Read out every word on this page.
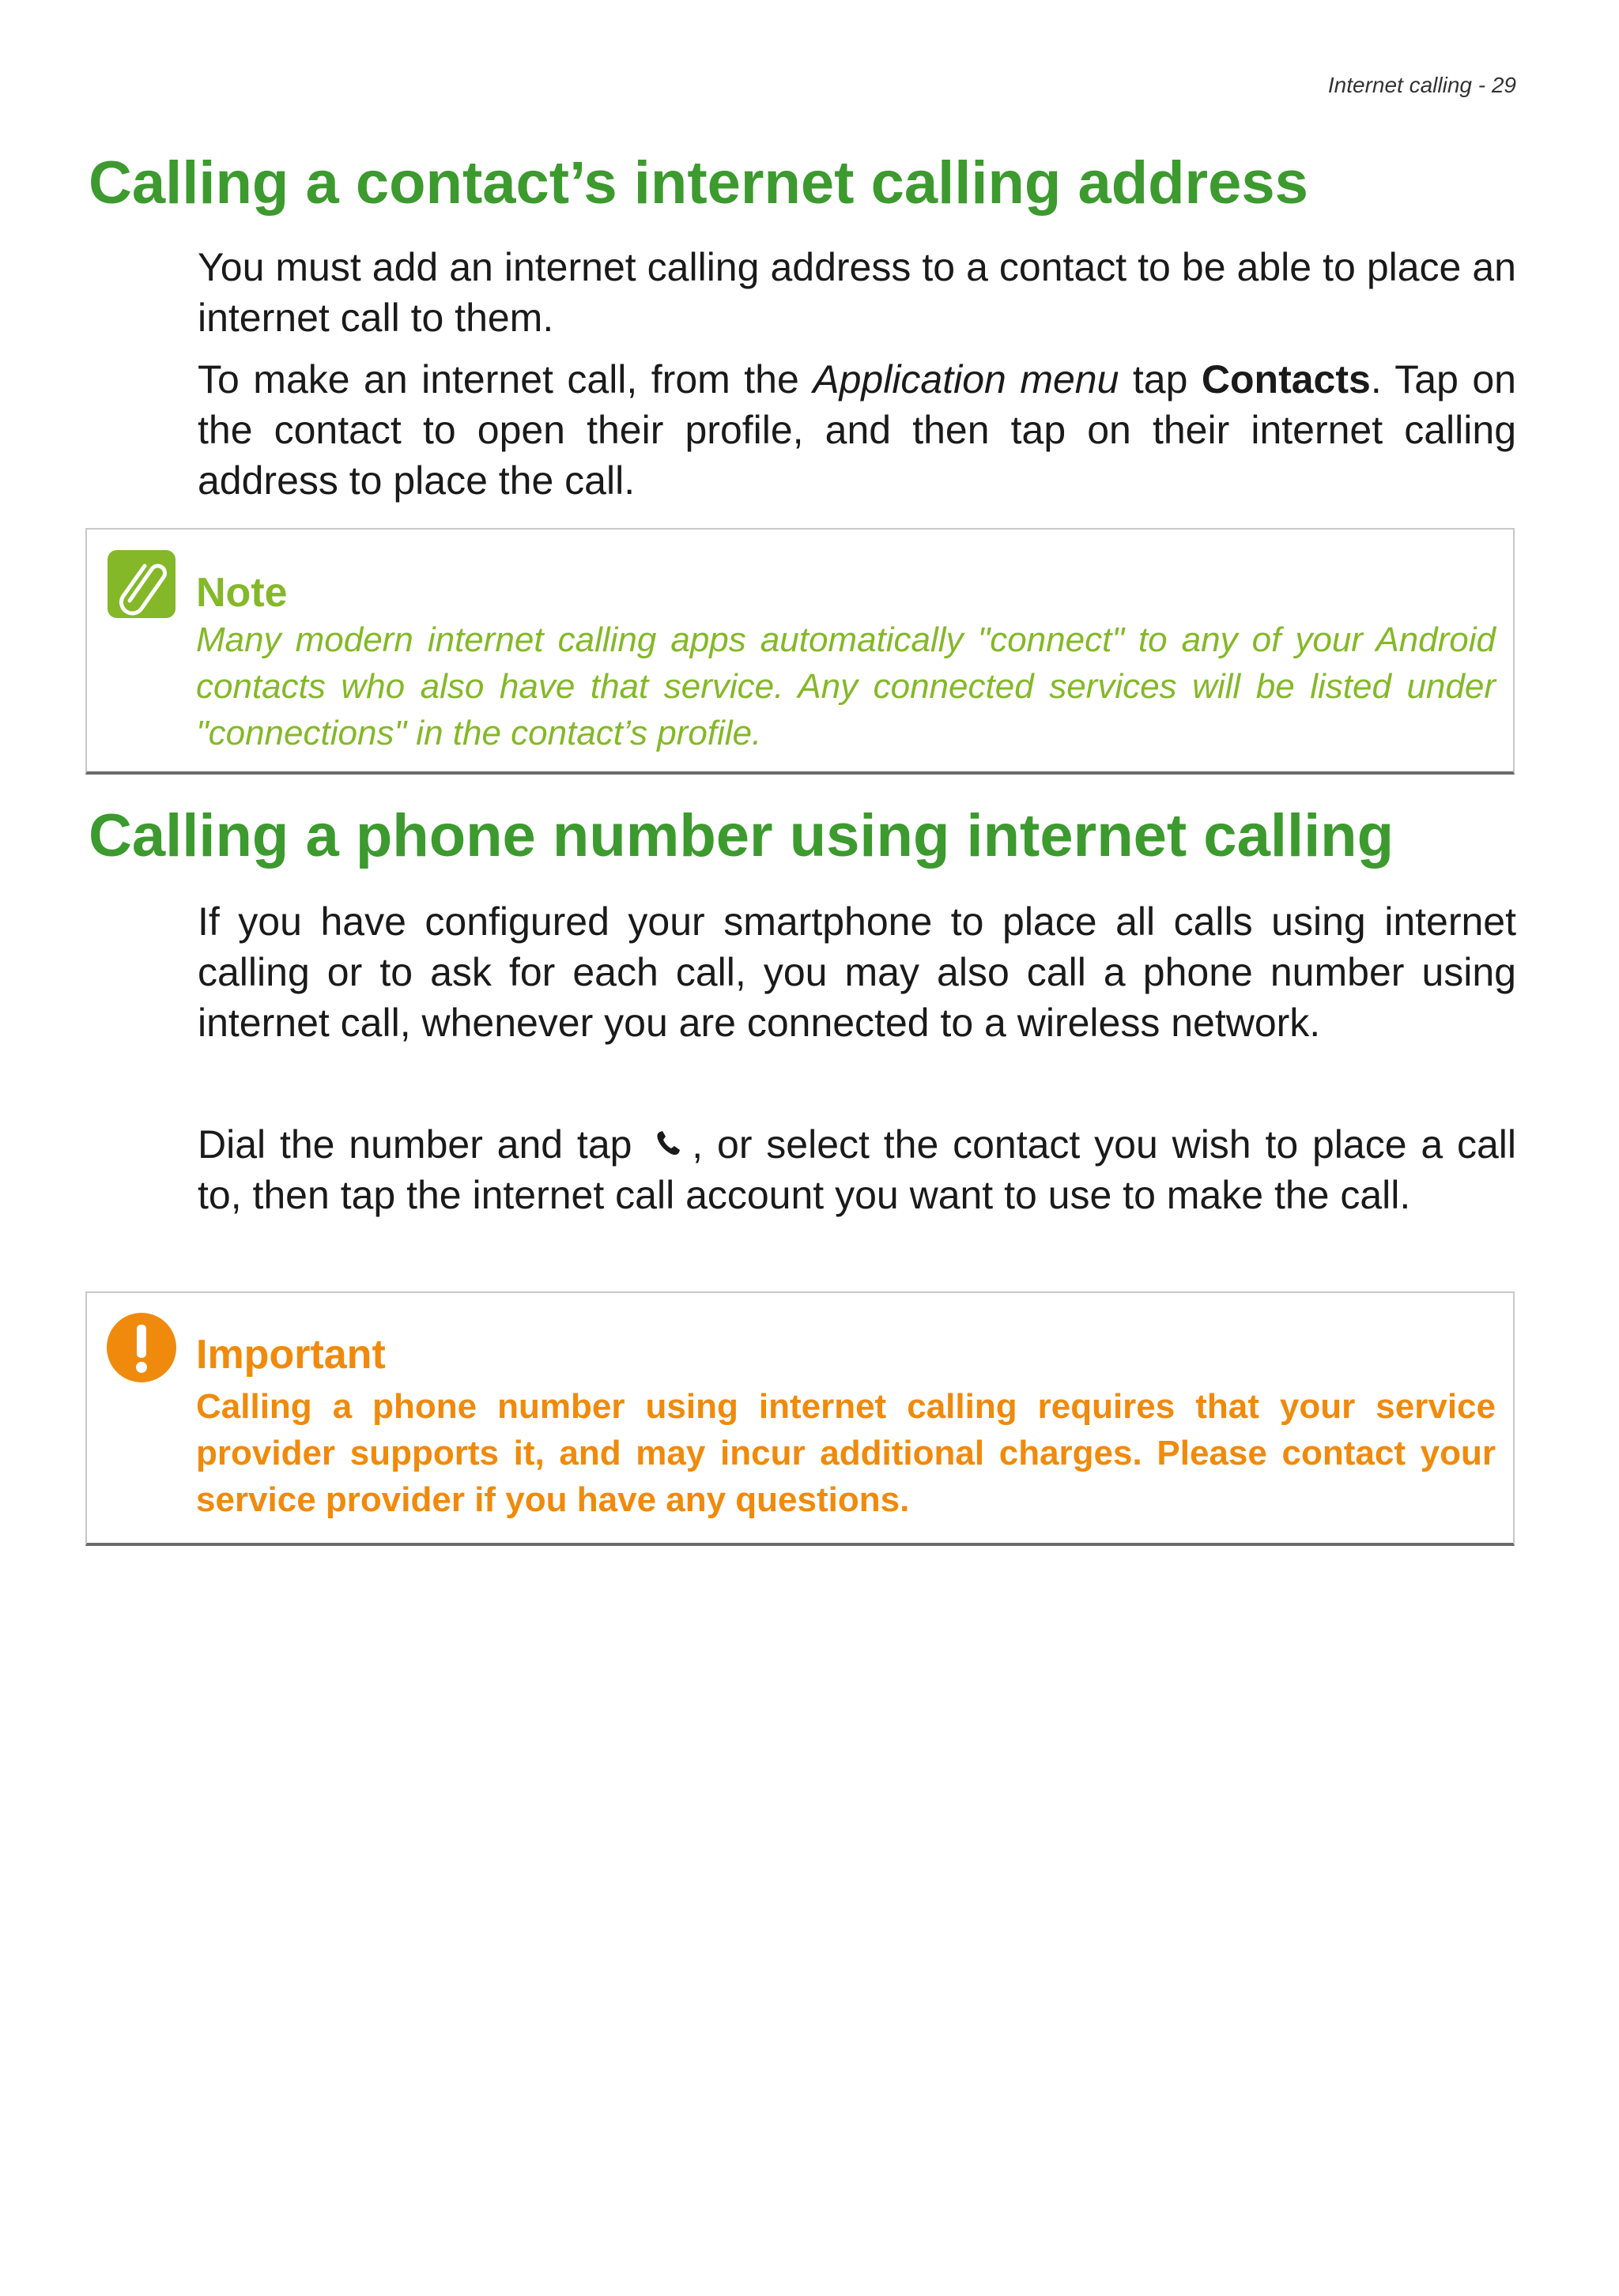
Internet calling - 29
Calling a contact’s internet calling address

You must add an internet calling address to a contact to be able to place an internet call to them.

To make an internet call, from the Application menu tap Contacts. Tap on the contact to open their profile, and then tap on their internet calling address to place the call.

Note

Many modern internet calling apps automatically "connect" to any of your Android contacts who also have that service. Any connected services will be listed under "connections" in the contact’s profile.

Calling a phone number using internet calling

If you have configured your smartphone to place all calls using internet calling or to ask for each call, you may also call a phone number using internet call, whenever you are connected to a wireless network.

Dial the number and tap , or select the contact you wish to place a call to, then tap the internet call account you want to use to make the call.

Important

Calling a phone number using internet calling requires that your service provider supports it, and may incur additional charges. Please contact your service provider if you have any questions.
